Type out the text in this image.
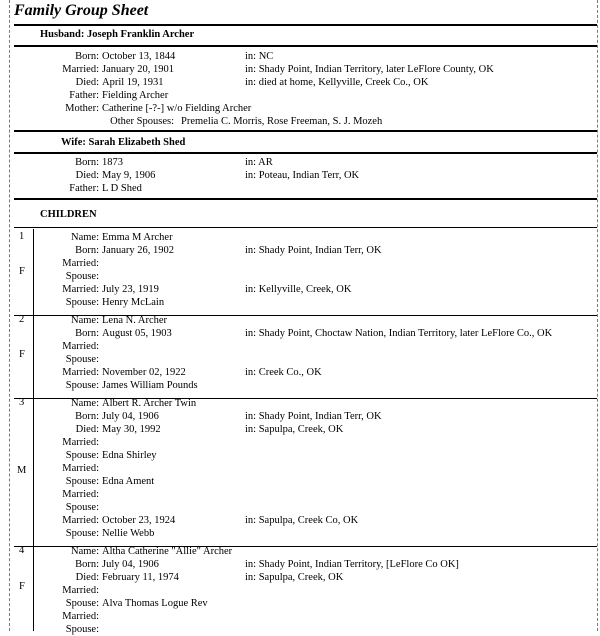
Family Group Sheet
Husband: Joseph Franklin Archer
Born: October 13, 1844	in: NC
Married: January 20, 1901	in: Shady Point, Indian Territory, later LeFlore County, OK
Died: April 19, 1931	in: died at home, Kellyville, Creek Co., OK
Father: Fielding Archer
Mother: Catherine [-?-] w/o Fielding Archer
Other Spouses: Premelia C. Morris, Rose Freeman, S. J. Mozeh
Wife: Sarah Elizabeth Shed
Born: 1873	in: AR
Died: May 9, 1906	in: Poteau, Indian Terr, OK
Father: L D Shed
CHILDREN
1
F
Name: Emma M Archer
Born: January 26, 1902	in: Shady Point, Indian Terr, OK
Married:
Spouse:
Married: July 23, 1919	in: Kellyville, Creek, OK
Spouse: Henry McLain
2
F
Name: Lena N. Archer
Born: August 05, 1903	in: Shady Point, Choctaw Nation, Indian Territory, later LeFlore Co., OK
Married:
Spouse:
Married: November 02, 1922	in: Creek Co., OK
Spouse: James William Pounds
3
M
Name: Albert R. Archer Twin
Born: July 04, 1906	in: Shady Point, Indian Terr, OK
Died: May 30, 1992	in: Sapulpa, Creek, OK
Married:
Spouse: Edna Shirley
Married:
Spouse: Edna Ament
Married:
Spouse:
Married: October 23, 1924	in: Sapulpa, Creek Co, OK
Spouse: Nellie Webb
4
F
Name: Altha Catherine "Allie" Archer
Born: July 04, 1906	in: Shady Point, Indian Territory, [LeFlore Co OK]
Died: February 11, 1974	in: Sapulpa, Creek, OK
Married:
Spouse: Alva Thomas Logue Rev
Married:
Spouse:
